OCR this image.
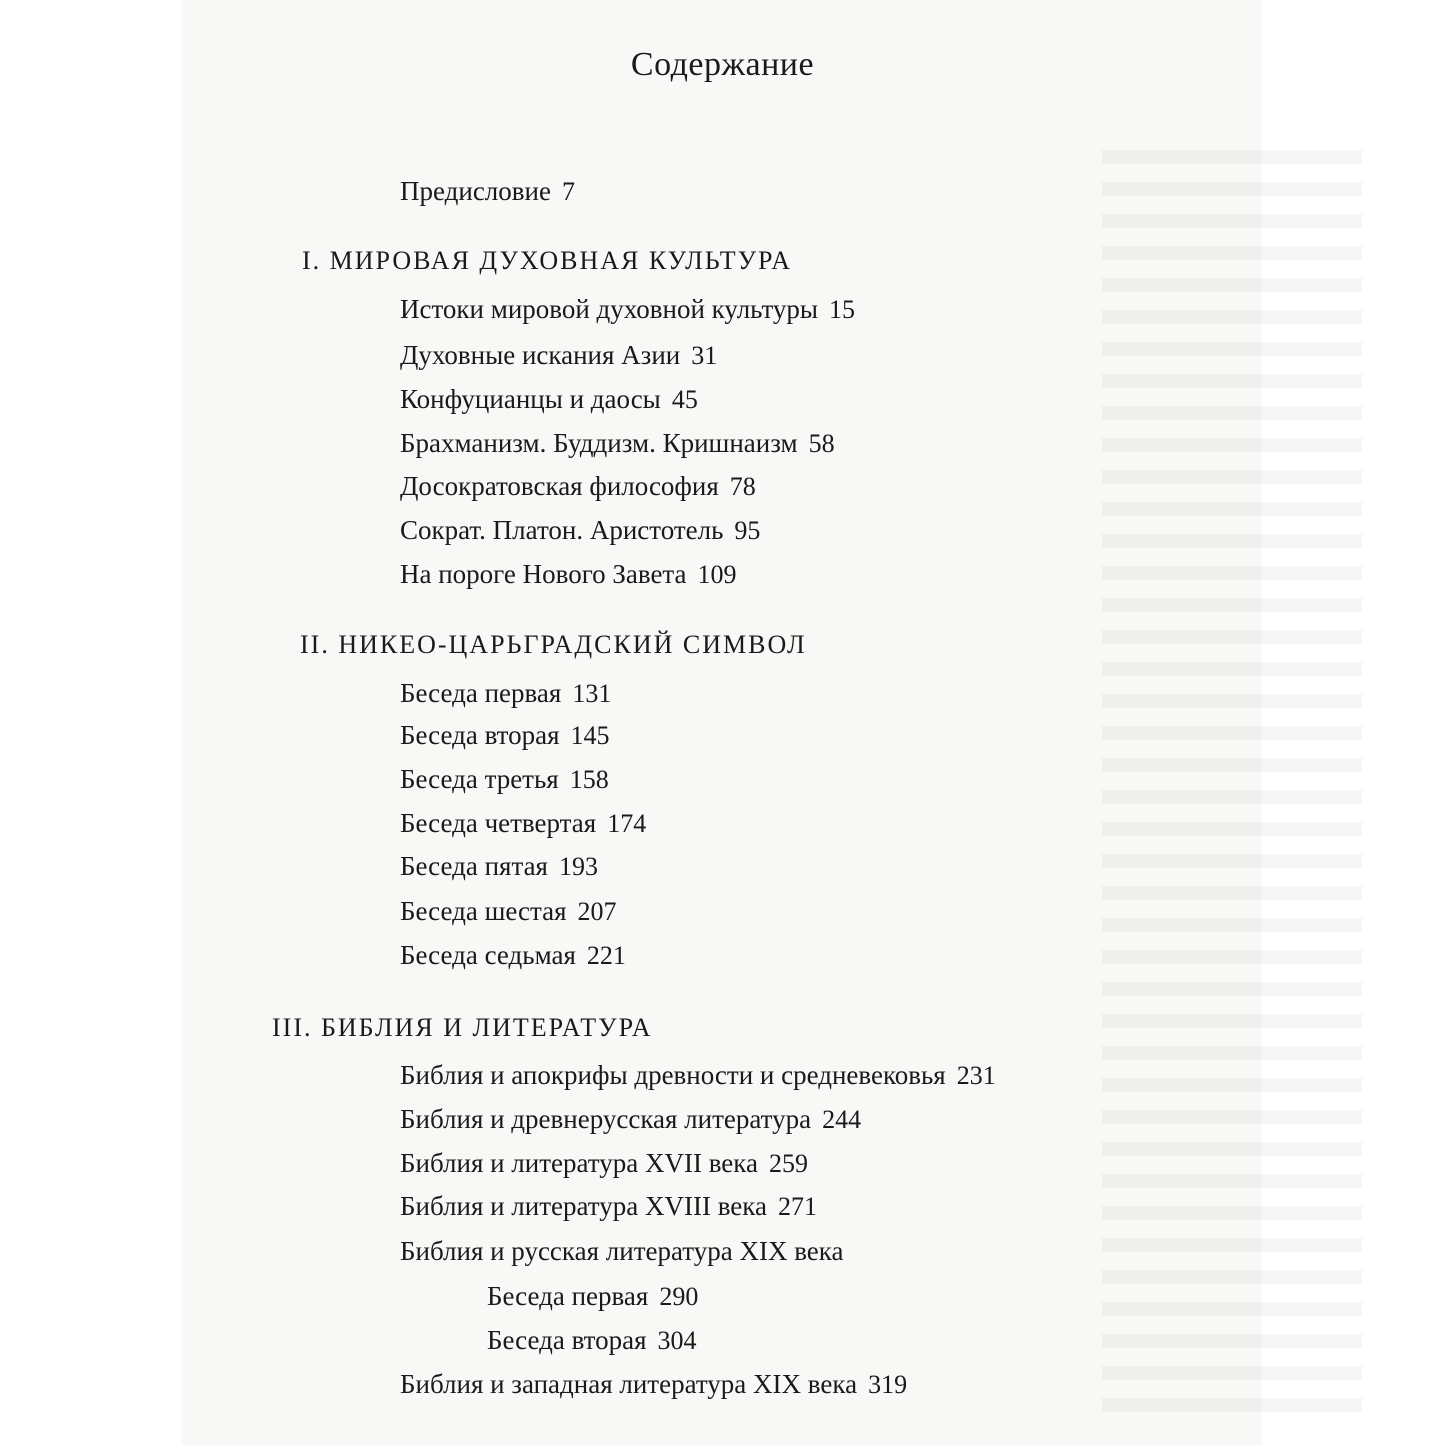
Содержание
Предисловие 7
I. МИРОВАЯ ДУХОВНАЯ КУЛЬТУРА
Истоки мировой духовной культуры 15
Духовные искания Азии 31
Конфуцианцы и даосы 45
Брахманизм. Буддизм. Кришнаизм 58
Досократовская философия 78
Сократ. Платон. Аристотель 95
На пороге Нового Завета 109
II. НИКЕО-ЦАРЬГРАДСКИЙ СИМВОЛ
Беседа первая 131
Беседа вторая 145
Беседа третья 158
Беседа четвертая 174
Беседа пятая 193
Беседа шестая 207
Беседа седьмая 221
III. БИБЛИЯ И ЛИТЕРАТУРА
Библия и апокрифы древности и средневековья 231
Библия и древнерусская литература 244
Библия и литература XVII века 259
Библия и литература XVIII века 271
Библия и русская литература XIX века
Беседа первая 290
Беседа вторая 304
Библия и западная литература XIX века 319
